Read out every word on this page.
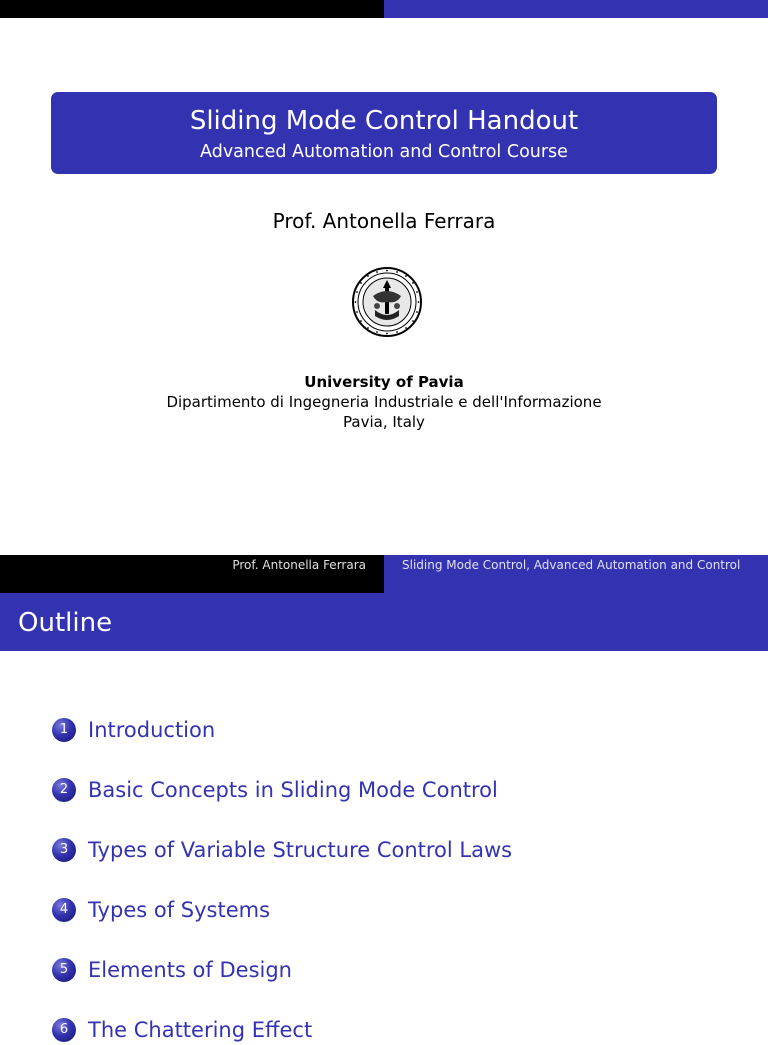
Sliding Mode Control Handout
Advanced Automation and Control Course
Prof. Antonella Ferrara
University of Pavia
Dipartimento di Ingegneria Industriale e dell'Informazione
Pavia, Italy
Prof. Antonella Ferrara	Sliding Mode Control, Advanced Automation and Control
Outline
1 Introduction
2 Basic Concepts in Sliding Mode Control
3 Types of Variable Structure Control Laws
4 Types of Systems
5 Elements of Design
6 The Chattering Effect
